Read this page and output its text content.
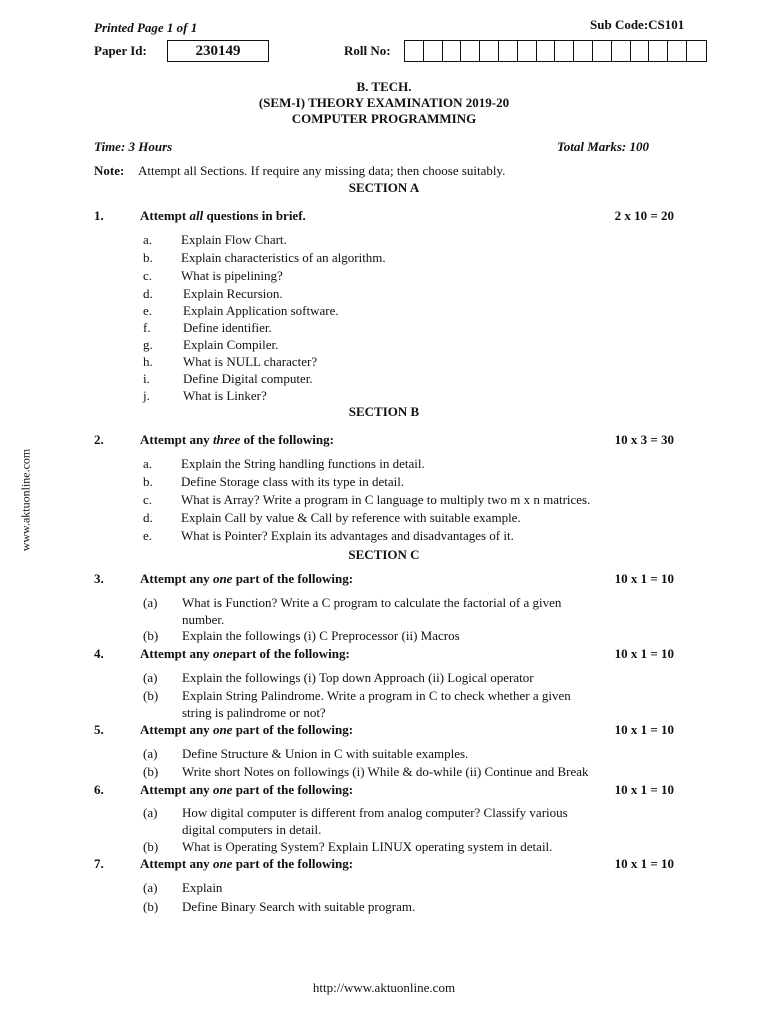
Printed Page 1 of 1	Sub Code:CS101
Paper Id:	230149	Roll No:
B. TECH.
(SEM-I) THEORY EXAMINATION 2019-20
COMPUTER PROGRAMMING
Time: 3 Hours	Total Marks: 100
Note: Attempt all Sections. If require any missing data; then choose suitably.
www.aktuonline.com
SECTION A
1.	Attempt all questions in brief.	2 x 10 = 20
a. Explain Flow Chart.
b. Explain characteristics of an algorithm.
c. What is pipelining?
d. Explain Recursion.
e. Explain Application software.
f. Define identifier.
g. Explain Compiler.
h. What is NULL character?
i.	Define Digital computer.
j.	What is Linker?
SECTION B
2.	Attempt any three of the following:	10 x 3 = 30
a. Explain the String handling functions in detail.
b. Define Storage class with its type in detail.
c. What is Array? Write a program in C language to multiply two m x n matrices.
d. Explain Call by value & Call by reference with suitable example.
e. What is Pointer? Explain its advantages and disadvantages of it.
SECTION C
3.	Attempt any one part of the following:	10 x 1 = 10
(a) What is Function? Write a C program to calculate the factorial of a given
number.
(b) Explain the followings (i) C Preprocessor (ii) Macros
4.	Attempt any onepart of the following:	10 x 1 = 10
(a) Explain the followings (i) Top down Approach (ii) Logical operator
(b) Explain String Palindrome. Write a program in C to check whether a given
string is palindrome or not?
5.	Attempt any one part of the following:	10 x 1 = 10
(a) Define Structure & Union in C with suitable examples.
(b) Write short Notes on followings (i) While & do-while (ii) Continue and Break
6.	Attempt any one part of the following:	10 x 1 = 10
(a) How digital computer is different from analog computer? Classify various
digital computers in detail.
(b) What is Operating System? Explain LINUX operating system in detail.
7.	Attempt any one part of the following:	10 x 1 = 10
(a) Explain
(b) Define Binary Search with suitable program.
http://www.aktuonline.com
